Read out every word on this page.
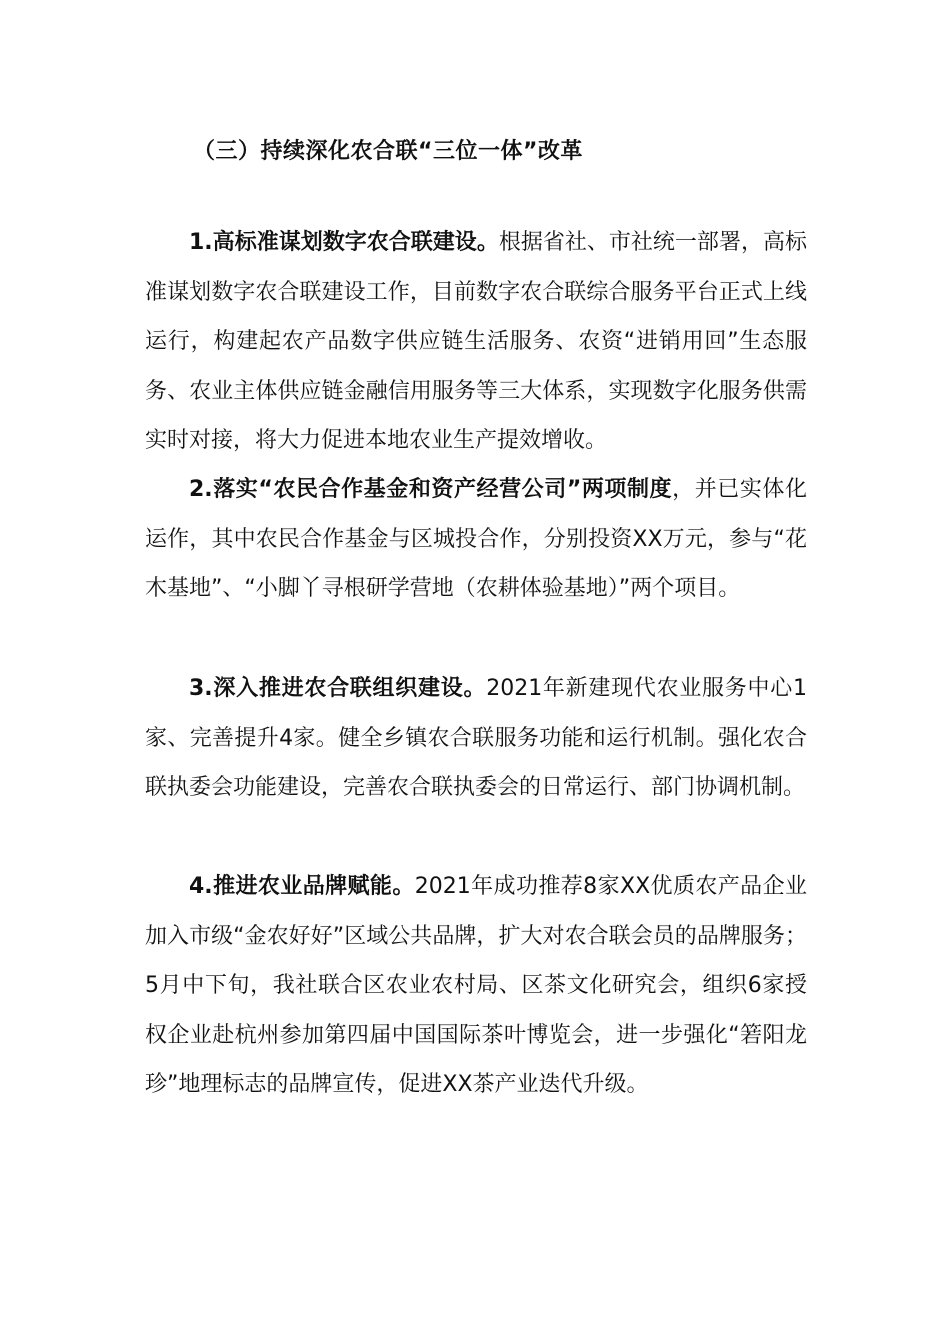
（三）持续深化农合联“三位一体”改革

1.高标准谋划数字农合联建设。根据省社、市社统一部署，高标准谋划数字农合联建设工作，目前数字农合联综合服务平台正式上线运行，构建起农产品数字供应链生活服务、农资“进销用回”生态服务、农业主体供应链金融信用服务等三大体系，实现数字化服务供需实时对接，将大力促进本地农业生产提效增收。

2.落实“农民合作基金和资产经营公司”两项制度，并已实体化运作，其中农民合作基金与区城投合作，分别投资XX万元，参与“花木基地”、“小脚丫寻根研学营地（农耕体验基地）”两个项目。

3.深入推进农合联组织建设。2021年新建现代农业服务中心1家、完善提升4家。健全乡镇农合联服务功能和运行机制。强化农合联执委会功能建设，完善农合联执委会的日常运行、部门协调机制。

4.推进农业品牌赋能。2021年成功推荐8家XX优质农产品企业加入市级“金农好好”区域公共品牌，扩大对农合联会员的品牌服务；5月中下旬，我社联合区农业农村局、区茶文化研究会，组织6家授权企业赴杭州参加第四届中国国际茶叶博览会，进一步强化“箬阳龙珍”地理标志的品牌宣传，促进XX茶产业迭代升级。
